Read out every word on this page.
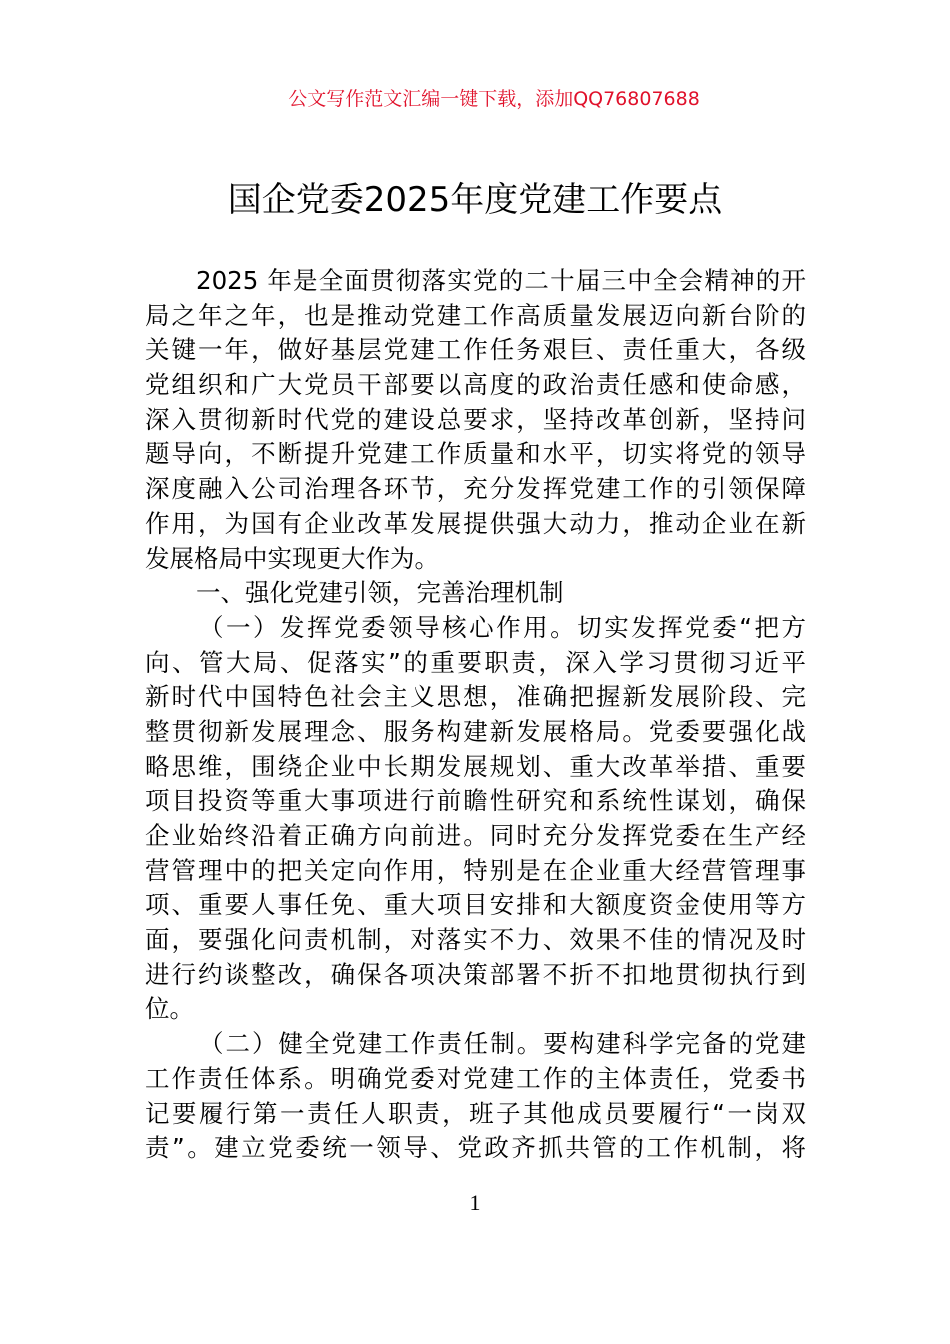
公文写作范文汇编一键下载，添加QQ76807688
国企党委2025年度党建工作要点
2025 年是全面贯彻落实党的二十届三中全会精神的开
局之年之年，也是推动党建工作高质量发展迈向新台阶的
关键一年，做好基层党建工作任务艰巨、责任重大，各级
党组织和广大党员干部要以高度的政治责任感和使命感，
深入贯彻新时代党的建设总要求，坚持改革创新，坚持问
题导向，不断提升党建工作质量和水平，切实将党的领导
深度融入公司治理各环节，充分发挥党建工作的引领保障
作用，为国有企业改革发展提供强大动力，推动企业在新
发展格局中实现更大作为。
一、强化党建引领，完善治理机制
（一）发挥党委领导核心作用。切实发挥党委“把方
向、管大局、促落实”的重要职责，深入学习贯彻习近平
新时代中国特色社会主义思想，准确把握新发展阶段、完
整贯彻新发展理念、服务构建新发展格局。党委要强化战
略思维，围绕企业中长期发展规划、重大改革举措、重要
项目投资等重大事项进行前瞻性研究和系统性谋划，确保
企业始终沿着正确方向前进。同时充分发挥党委在生产经
营管理中的把关定向作用，特别是在企业重大经营管理事
项、重要人事任免、重大项目安排和大额度资金使用等方
面，要强化问责机制，对落实不力、效果不佳的情况及时
进行约谈整改，确保各项决策部署不折不扣地贯彻执行到
位。
（二）健全党建工作责任制。要构建科学完备的党建
工作责任体系。明确党委对党建工作的主体责任，党委书
记要履行第一责任人职责，班子其他成员要履行“一岗双
责”。建立党委统一领导、党政齐抓共管的工作机制，将
1
